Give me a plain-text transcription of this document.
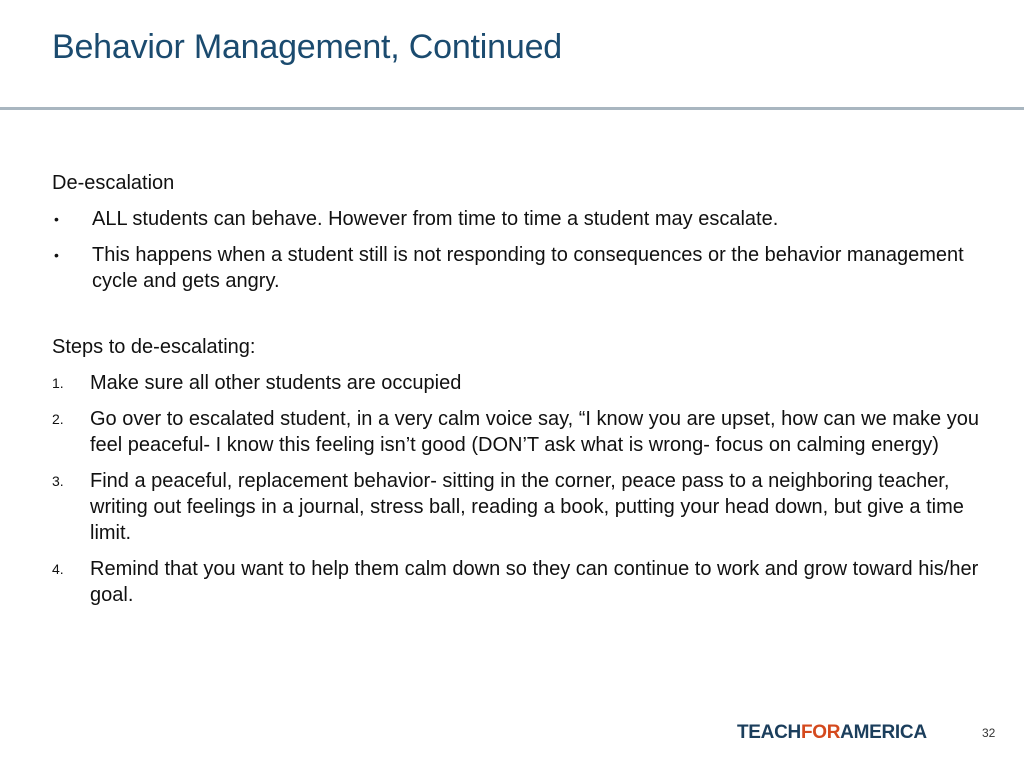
Behavior Management, Continued

De-escalation

•	ALL students can behave. However from time to time a student may escalate.
•	This happens when a student still is not responding to consequences or the behavior management cycle and gets angry.

Steps to de-escalating:

1.	Make sure all other students are occupied
2.	Go over to escalated student, in a very calm voice say, “I know you are upset, how can we make you feel peaceful- I know this feeling isn’t good (DON’T ask what is wrong- focus on calming energy)
3.	Find a peaceful, replacement behavior- sitting in the corner, peace pass to a neighboring teacher, writing out feelings in a journal, stress ball, reading a book, putting your head down, but give a time limit.
4.	Remind that you want to help them calm down so they can continue to work and grow toward his/her goal.
TEACHFORAMERICA	32
